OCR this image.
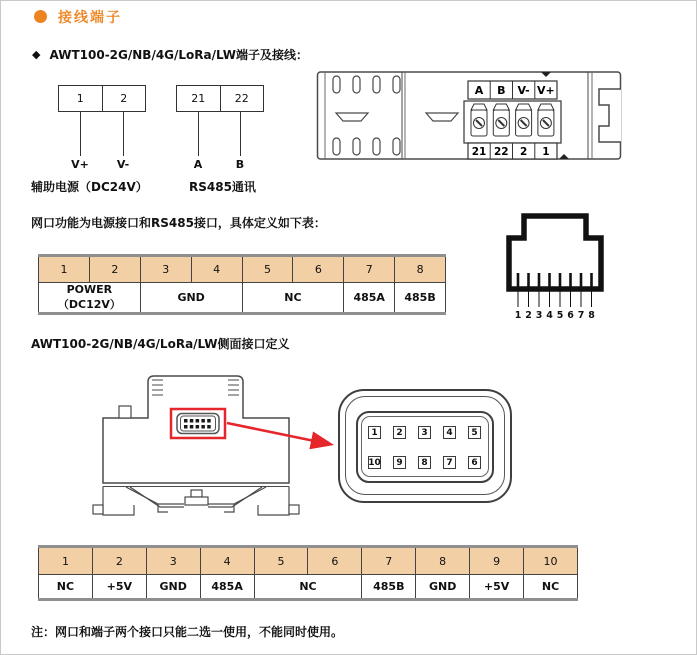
接线端子
◆ AWT100-2G/NB/4G/LoRa/LW端子及接线：
1	2
V+	V-
辅助电源（DC24V）
21	22
A	B
RS485通讯
A B V- V+
21 22 2 1
网口功能为电源接口和RS485接口，具体定义如下表：
1	2	3	4	5	6	7	8
POWER（DC12V）		GND		NC		485A	485B
1 2 3 4 5 6 7 8
AWT100-2G/NB/4G/LoRa/LW侧面接口定义
1	2	3	4	5
10	9	8	7	6
1	2	3	4	5	6	7	8	9	10
NC	+5V	GND	485A	NC		485B	GND	+5V	NC
注：网口和端子两个接口只能二选一使用，不能同时使用。
